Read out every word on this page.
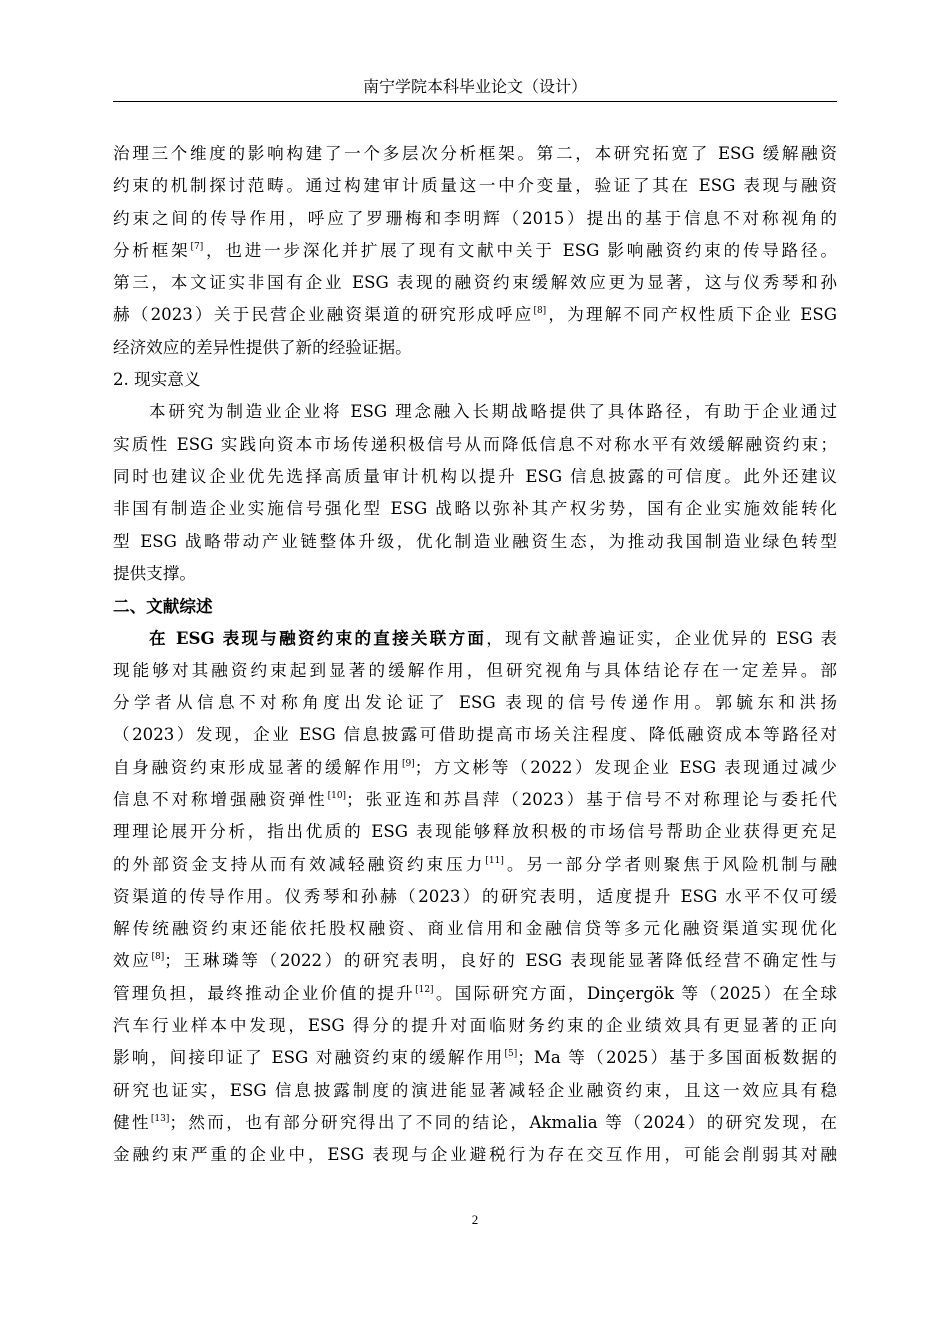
南宁学院本科毕业论文（设计）
治理三个维度的影响构建了一个多层次分析框架。第二，本研究拓宽了 ESG 缓解融资
约束的机制探讨范畴。通过构建审计质量这一中介变量，验证了其在 ESG 表现与融资
约束之间的传导作用，呼应了罗珊梅和李明辉（2015）提出的基于信息不对称视角的
分析框架[7]，也进一步深化并扩展了现有文献中关于 ESG 影响融资约束的传导路径。
第三，本文证实非国有企业 ESG 表现的融资约束缓解效应更为显著，这与仪秀琴和孙
赫（2023）关于民营企业融资渠道的研究形成呼应[8]，为理解不同产权性质下企业 ESG
经济效应的差异性提供了新的经验证据。
2. 现实意义
本研究为制造业企业将 ESG 理念融入长期战略提供了具体路径，有助于企业通过
实质性 ESG 实践向资本市场传递积极信号从而降低信息不对称水平有效缓解融资约束；
同时也建议企业优先选择高质量审计机构以提升 ESG 信息披露的可信度。此外还建议
非国有制造企业实施信号强化型 ESG 战略以弥补其产权劣势，国有企业实施效能转化
型 ESG 战略带动产业链整体升级，优化制造业融资生态，为推动我国制造业绿色转型
提供支撑。
二、文献综述
在 ESG 表现与融资约束的直接关联方面，现有文献普遍证实，企业优异的 ESG 表
现能够对其融资约束起到显著的缓解作用，但研究视角与具体结论存在一定差异。部
分学者从信息不对称角度出发论证了 ESG 表现的信号传递作用。郭毓东和洪扬
（2023）发现，企业 ESG 信息披露可借助提高市场关注程度、降低融资成本等路径对
自身融资约束形成显著的缓解作用[9]；方文彬等（2022）发现企业 ESG 表现通过减少
信息不对称增强融资弹性[10]；张亚连和苏昌萍（2023）基于信号不对称理论与委托代
理理论展开分析，指出优质的 ESG 表现能够释放积极的市场信号帮助企业获得更充足
的外部资金支持从而有效减轻融资约束压力[11]。另一部分学者则聚焦于风险机制与融
资渠道的传导作用。仪秀琴和孙赫（2023）的研究表明，适度提升 ESG 水平不仅可缓
解传统融资约束还能依托股权融资、商业信用和金融信贷等多元化融资渠道实现优化
效应[8]；王琳璘等（2022）的研究表明，良好的 ESG 表现能显著降低经营不确定性与
管理负担，最终推动企业价值的提升[12]。国际研究方面，Dinçergök 等（2025）在全球
汽车行业样本中发现，ESG 得分的提升对面临财务约束的企业绩效具有更显著的正向
影响，间接印证了 ESG 对融资约束的缓解作用[5]；Ma 等（2025）基于多国面板数据的
研究也证实，ESG 信息披露制度的演进能显著减轻企业融资约束，且这一效应具有稳
健性[13]；然而，也有部分研究得出了不同的结论，Akmalia 等（2024）的研究发现，在
金融约束严重的企业中，ESG 表现与企业避税行为存在交互作用，可能会削弱其对融
2
